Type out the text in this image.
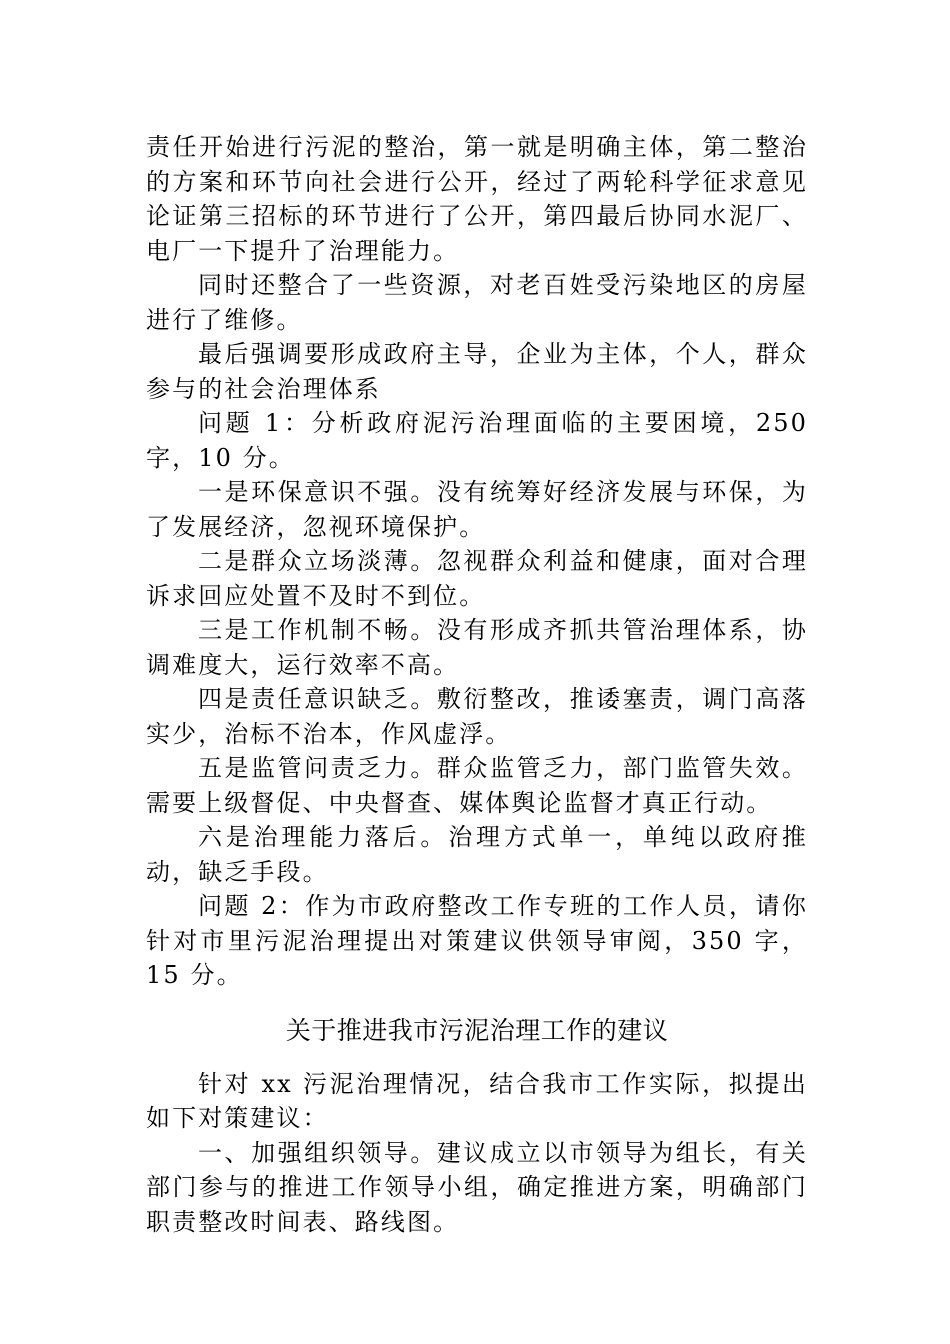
责任开始进行污泥的整治，第一就是明确主体，第二整治的方案和环节向社会进行公开，经过了两轮科学征求意见论证第三招标的环节进行了公开，第四最后协同水泥厂、电厂一下提升了治理能力。

同时还整合了一些资源，对老百姓受污染地区的房屋进行了维修。

最后强调要形成政府主导，企业为主体，个人，群众参与的社会治理体系

问题 1：分析政府泥污治理面临的主要困境，250 字，10 分。

一是环保意识不强。没有统筹好经济发展与环保，为了发展经济，忽视环境保护。

二是群众立场淡薄。忽视群众利益和健康，面对合理诉求回应处置不及时不到位。

三是工作机制不畅。没有形成齐抓共管治理体系，协调难度大，运行效率不高。

四是责任意识缺乏。敷衍整改，推诿塞责，调门高落实少，治标不治本，作风虚浮。

五是监管问责乏力。群众监管乏力，部门监管失效。需要上级督促、中央督查、媒体舆论监督才真正行动。

六是治理能力落后。治理方式单一，单纯以政府推动，缺乏手段。

问题 2：作为市政府整改工作专班的工作人员，请你针对市里污泥治理提出对策建议供领导审阅，350 字，15 分。

关于推进我市污泥治理工作的建议

针对 xx 污泥治理情况，结合我市工作实际，拟提出如下对策建议：

一、加强组织领导。建议成立以市领导为组长，有关部门参与的推进工作领导小组，确定推进方案，明确部门职责整改时间表、路线图。
